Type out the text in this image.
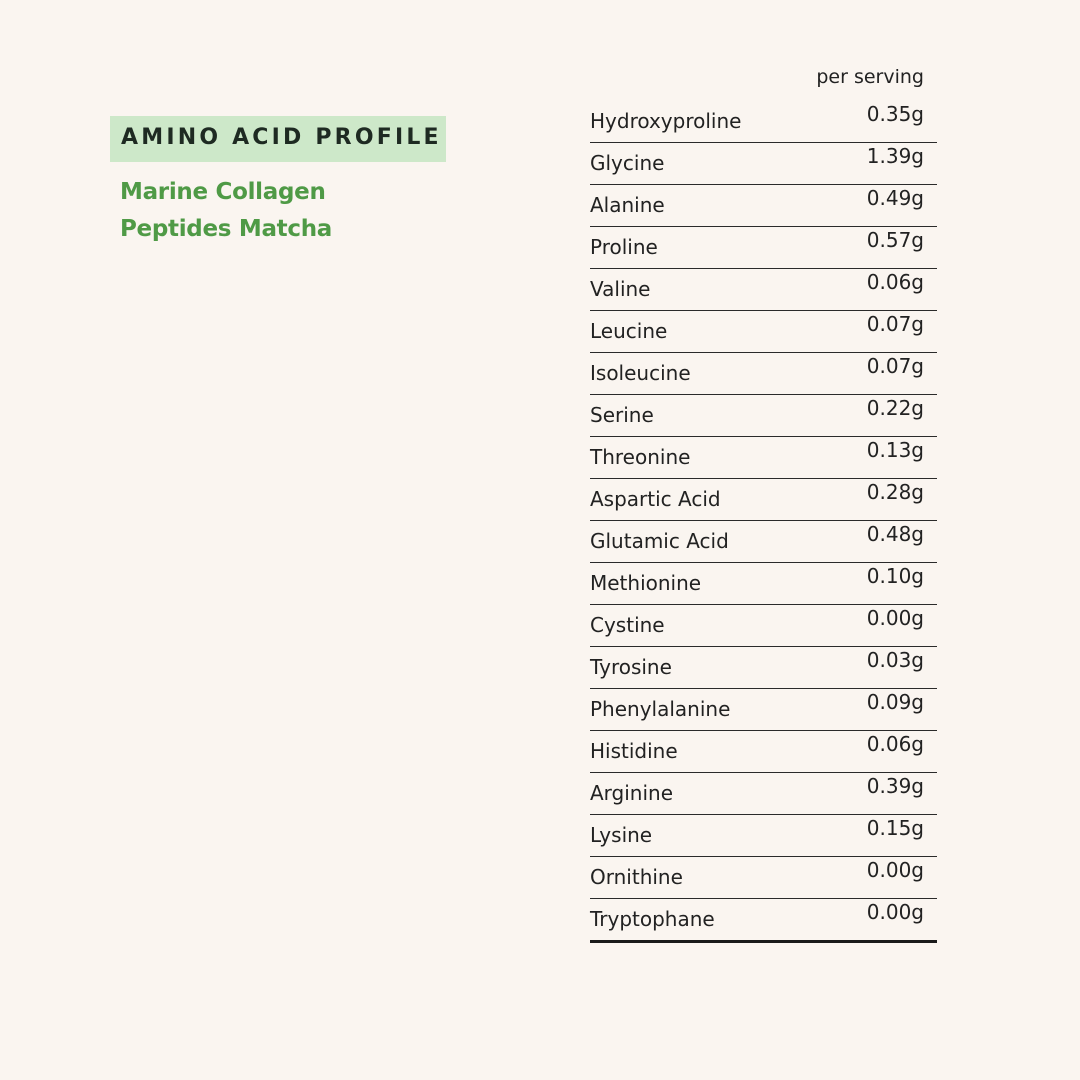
AMINO ACID PROFILE
Marine Collagen
Peptides Matcha
per serving
Hydroxyproline	0.35g
Glycine	1.39g
Alanine	0.49g
Proline	0.57g
Valine	0.06g
Leucine	0.07g
Isoleucine	0.07g
Serine	0.22g
Threonine	0.13g
Aspartic Acid	0.28g
Glutamic Acid	0.48g
Methionine	0.10g
Cystine	0.00g
Tyrosine	0.03g
Phenylalanine	0.09g
Histidine	0.06g
Arginine	0.39g
Lysine	0.15g
Ornithine	0.00g
Tryptophane	0.00g
